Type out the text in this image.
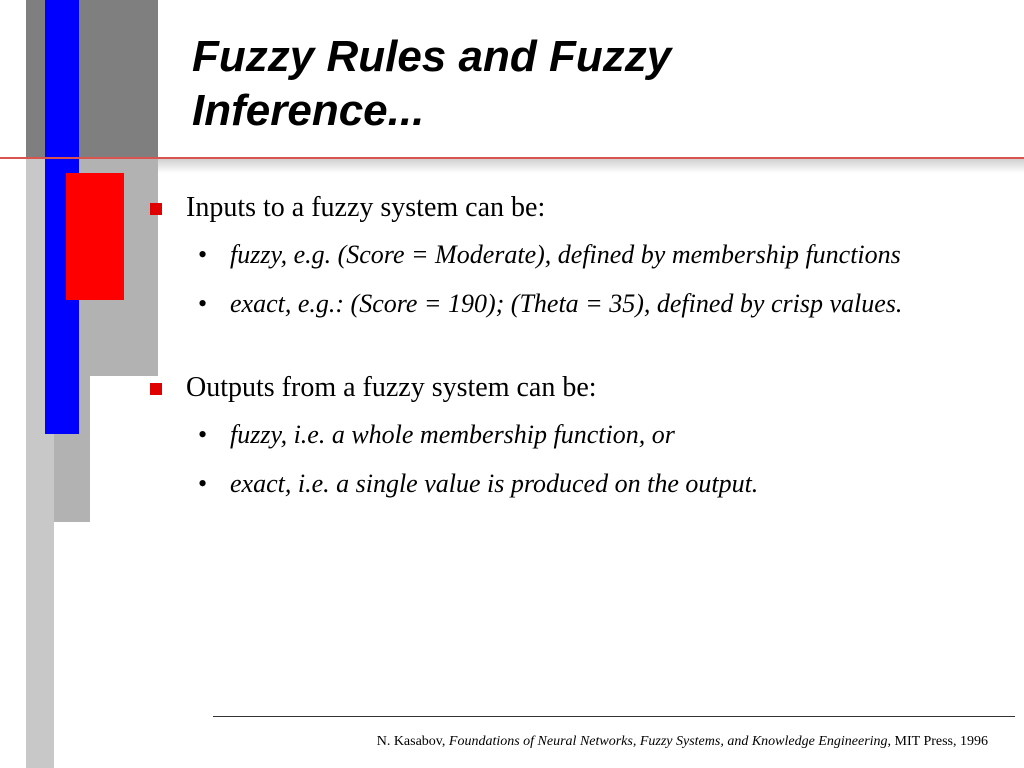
Fuzzy Rules and Fuzzy
Inference...
Inputs to a fuzzy system can be:
• fuzzy, e.g. (Score = Moderate), defined by membership functions
• exact, e.g.: (Score = 190); (Theta = 35), defined by crisp values.
Outputs from a fuzzy system can be:
• fuzzy, i.e. a whole membership function, or
• exact, i.e. a single value is produced on the output.
N. Kasabov, Foundations of Neural Networks, Fuzzy Systems, and Knowledge Engineering, MIT Press, 1996
